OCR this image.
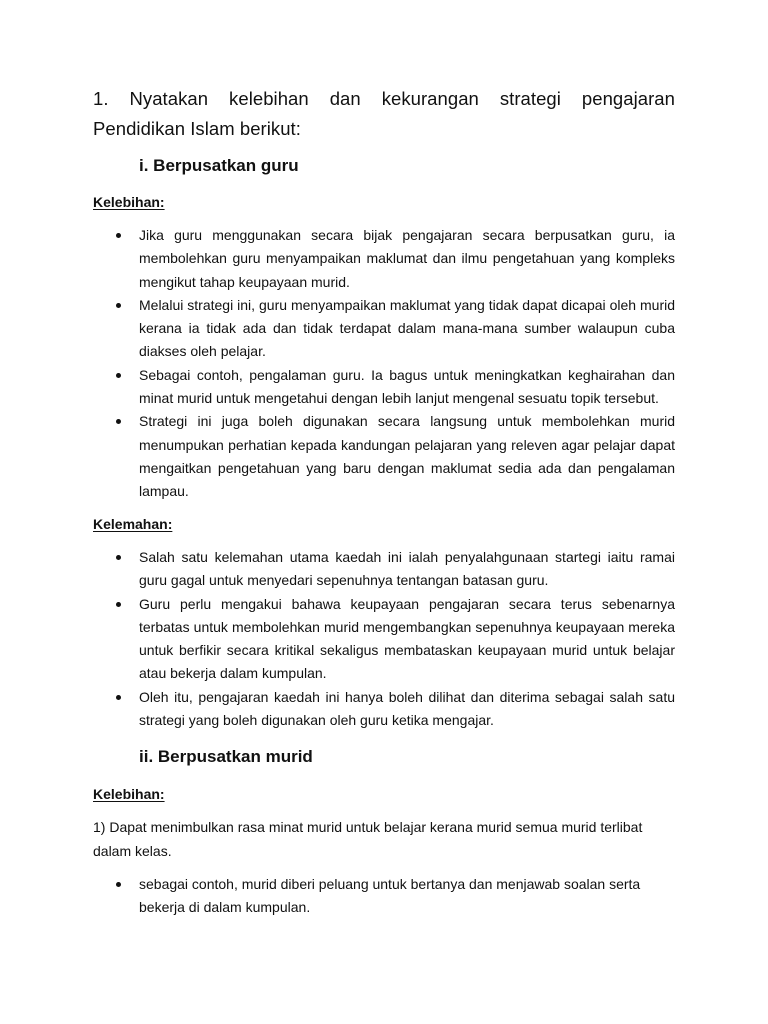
1. Nyatakan kelebihan dan kekurangan strategi pengajaran Pendidikan Islam berikut:
i. Berpusatkan guru
Kelebihan:
Jika guru menggunakan secara bijak pengajaran secara berpusatkan guru, ia membolehkan guru menyampaikan maklumat dan ilmu pengetahuan yang kompleks mengikut tahap keupayaan murid.
Melalui strategi ini, guru menyampaikan maklumat yang tidak dapat dicapai oleh murid kerana ia tidak ada dan tidak terdapat dalam mana-mana sumber walaupun cuba diakses oleh pelajar.
Sebagai contoh, pengalaman guru. Ia bagus untuk meningkatkan keghairahan dan minat murid untuk mengetahui dengan lebih lanjut mengenal sesuatu topik tersebut.
Strategi ini juga boleh digunakan secara langsung untuk membolehkan murid menumpukan perhatian kepada kandungan pelajaran yang releven agar pelajar dapat mengaitkan pengetahuan yang baru dengan maklumat sedia ada dan pengalaman lampau.
Kelemahan:
Salah satu kelemahan utama kaedah ini ialah penyalahgunaan startegi iaitu ramai guru gagal untuk menyedari sepenuhnya tentangan batasan guru.
Guru perlu mengakui bahawa keupayaan pengajaran secara terus sebenarnya terbatas untuk membolehkan murid mengembangkan sepenuhnya keupayaan mereka untuk berfikir secara kritikal sekaligus membataskan keupayaan murid untuk belajar atau bekerja dalam kumpulan.
Oleh itu, pengajaran kaedah ini hanya boleh dilihat dan diterima sebagai salah satu strategi yang boleh digunakan oleh guru ketika mengajar.
ii. Berpusatkan murid
Kelebihan:
1) Dapat menimbulkan rasa minat murid untuk belajar kerana murid semua murid terlibat dalam kelas.
sebagai contoh, murid diberi peluang untuk bertanya dan menjawab soalan serta bekerja di dalam kumpulan.
